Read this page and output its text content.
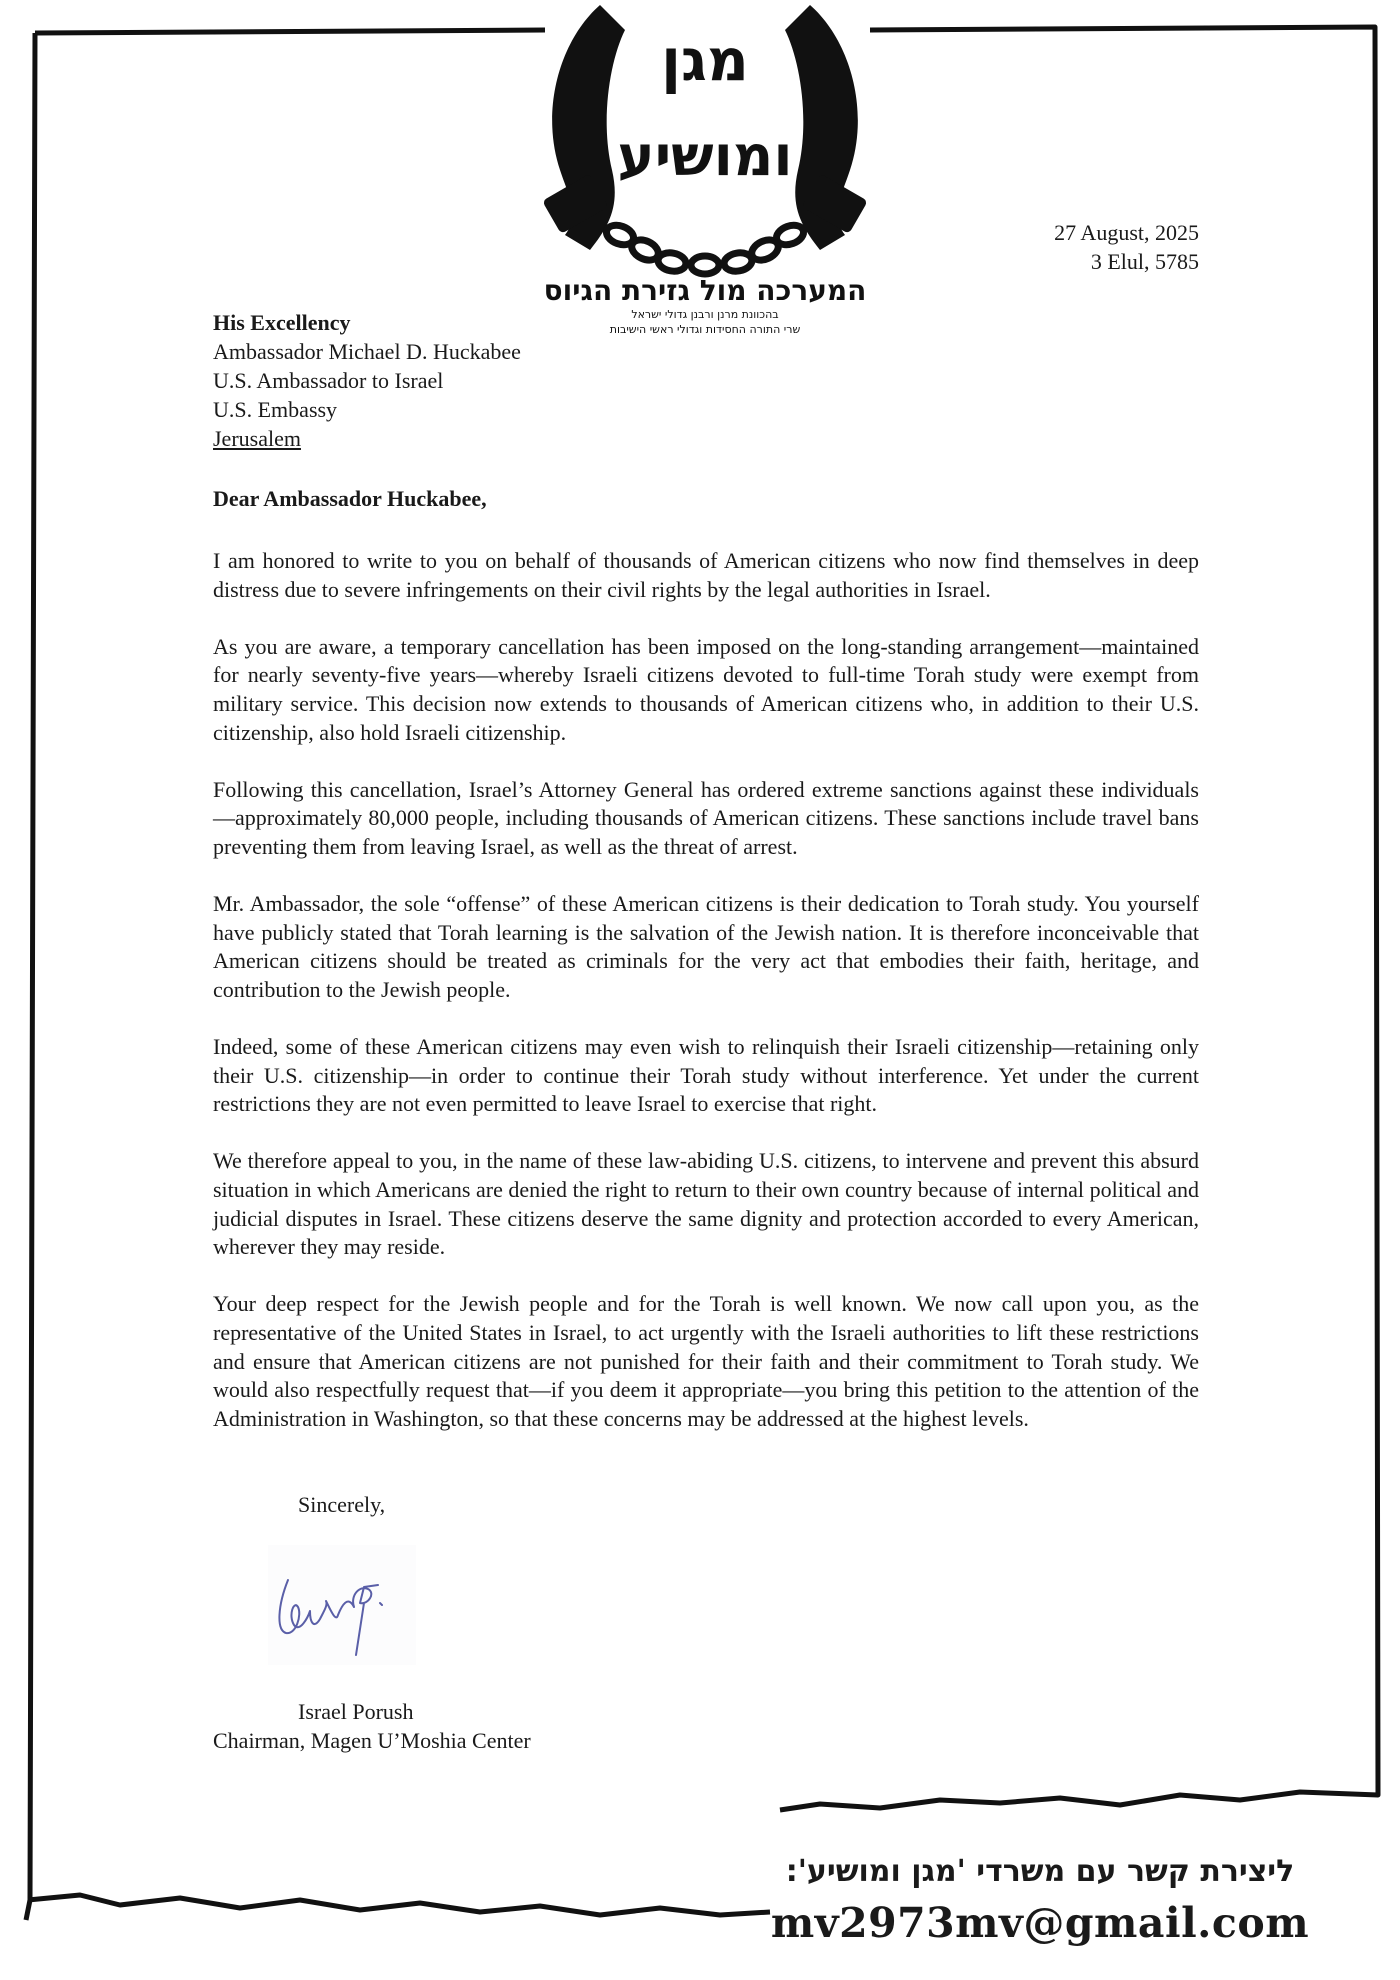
מגן
ומושיע
המערכה מול גזירת הגיוס
בהכוונת מרנן ורבנן גדולי ישראל
שרי התורה החסידות וגדולי ראשי הישיבות
27 August, 2025
3 Elul, 5785
His Excellency
Ambassador Michael D. Huckabee
U.S. Ambassador to Israel
U.S. Embassy
Jerusalem
Dear Ambassador Huckabee,

I am honored to write to you on behalf of thousands of American citizens who now find themselves in deep distress due to severe infringements on their civil rights by the legal authorities in Israel.

As you are aware, a temporary cancellation has been imposed on the long-standing arrangement—maintained for nearly seventy-five years—whereby Israeli citizens devoted to full-time Torah study were exempt from military service. This decision now extends to thousands of American citizens who, in addition to their U.S. citizenship, also hold Israeli citizenship.

Following this cancellation, Israel’s Attorney General has ordered extreme sanctions against these individuals—approximately 80,000 people, including thousands of American citizens. These sanctions include travel bans preventing them from leaving Israel, as well as the threat of arrest.

Mr. Ambassador, the sole “offense” of these American citizens is their dedication to Torah study. You yourself have publicly stated that Torah learning is the salvation of the Jewish nation. It is therefore inconceivable that American citizens should be treated as criminals for the very act that embodies their faith, heritage, and contribution to the Jewish people.

Indeed, some of these American citizens may even wish to relinquish their Israeli citizenship—retaining only their U.S. citizenship—in order to continue their Torah study without interference. Yet under the current restrictions they are not even permitted to leave Israel to exercise that right.

We therefore appeal to you, in the name of these law-abiding U.S. citizens, to intervene and prevent this absurd situation in which Americans are denied the right to return to their own country because of internal political and judicial disputes in Israel. These citizens deserve the same dignity and protection accorded to every American, wherever they may reside.

Your deep respect for the Jewish people and for the Torah is well known. We now call upon you, as the representative of the United States in Israel, to act urgently with the Israeli authorities to lift these restrictions and ensure that American citizens are not punished for their faith and their commitment to Torah study. We would also respectfully request that—if you deem it appropriate—you bring this petition to the attention of the Administration in Washington, so that these concerns may be addressed at the highest levels.

Sincerely,
Israel Porush
Chairman, Magen U’Moshia Center
ליצירת קשר עם משרדי 'מגן ומושיע':
mv2973mv@gmail.com
